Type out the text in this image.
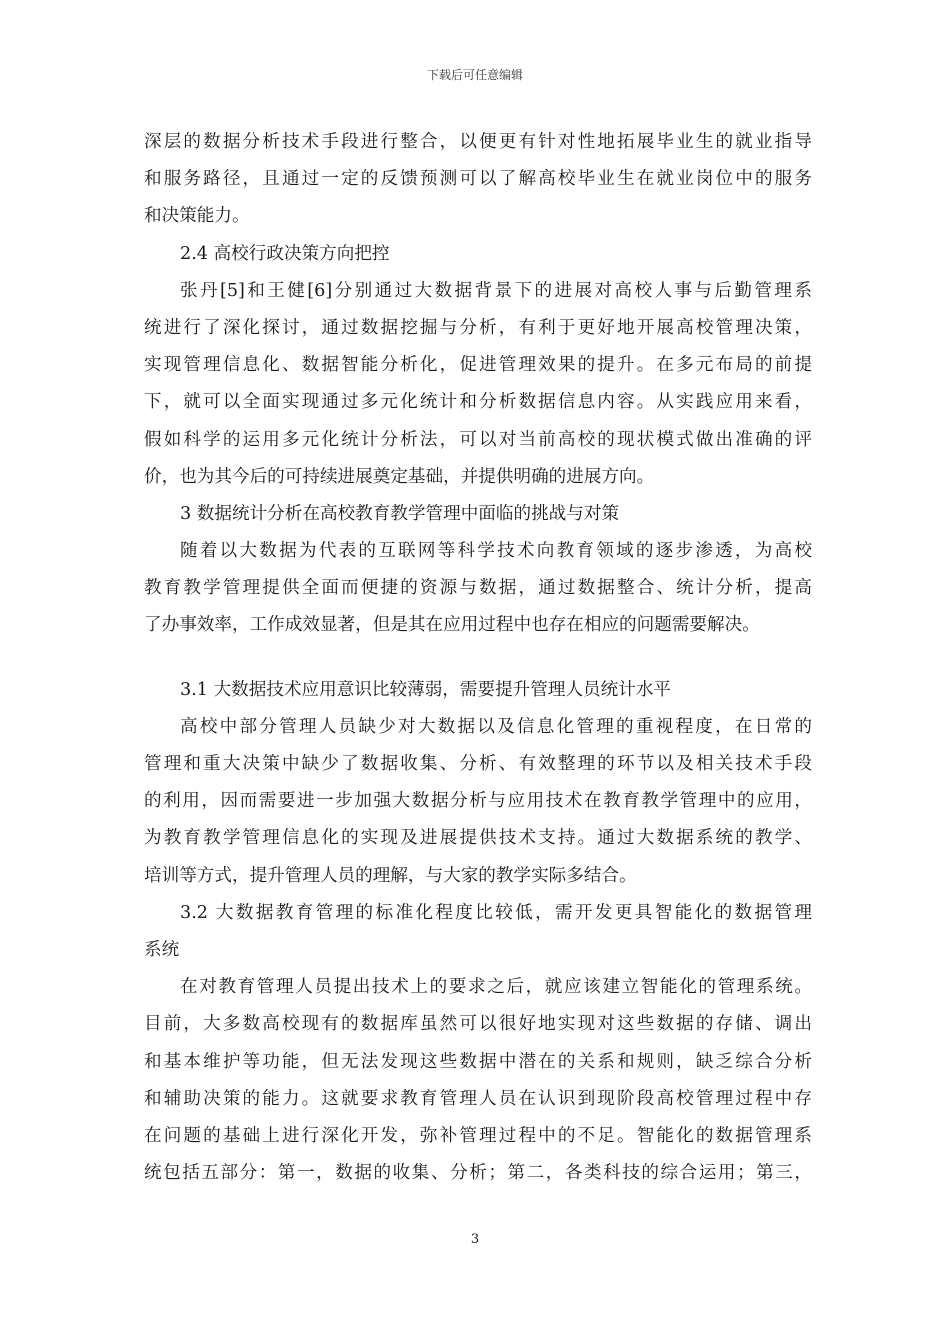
下载后可任意编辑
深层的数据分析技术手段进行整合，以便更有针对性地拓展毕业生的就业指导
和服务路径，且通过一定的反馈预测可以了解高校毕业生在就业岗位中的服务
和决策能力。
2.4 高校行政决策方向把控
张丹[5]和王健[6]分别通过大数据背景下的进展对高校人事与后勤管理系
统进行了深化探讨，通过数据挖掘与分析，有利于更好地开展高校管理决策，
实现管理信息化、数据智能分析化，促进管理效果的提升。在多元布局的前提
下，就可以全面实现通过多元化统计和分析数据信息内容。从实践应用来看，
假如科学的运用多元化统计分析法，可以对当前高校的现状模式做出准确的评
价，也为其今后的可持续进展奠定基础，并提供明确的进展方向。
3 数据统计分析在高校教育教学管理中面临的挑战与对策
随着以大数据为代表的互联网等科学技术向教育领域的逐步渗透，为高校
教育教学管理提供全面而便捷的资源与数据，通过数据整合、统计分析，提高
了办事效率，工作成效显著，但是其在应用过程中也存在相应的问题需要解决。
3.1 大数据技术应用意识比较薄弱，需要提升管理人员统计水平
高校中部分管理人员缺少对大数据以及信息化管理的重视程度，在日常的
管理和重大决策中缺少了数据收集、分析、有效整理的环节以及相关技术手段
的利用，因而需要进一步加强大数据分析与应用技术在教育教学管理中的应用，
为教育教学管理信息化的实现及进展提供技术支持。通过大数据系统的教学、
培训等方式，提升管理人员的理解，与大家的教学实际多结合。
3.2 大数据教育管理的标准化程度比较低，需开发更具智能化的数据管理
系统
在对教育管理人员提出技术上的要求之后，就应该建立智能化的管理系统。
目前，大多数高校现有的数据库虽然可以很好地实现对这些数据的存储、调出
和基本维护等功能，但无法发现这些数据中潜在的关系和规则，缺乏综合分析
和辅助决策的能力。这就要求教育管理人员在认识到现阶段高校管理过程中存
在问题的基础上进行深化开发，弥补管理过程中的不足。智能化的数据管理系
统包括五部分：第一，数据的收集、分析；第二，各类科技的综合运用；第三，
3
